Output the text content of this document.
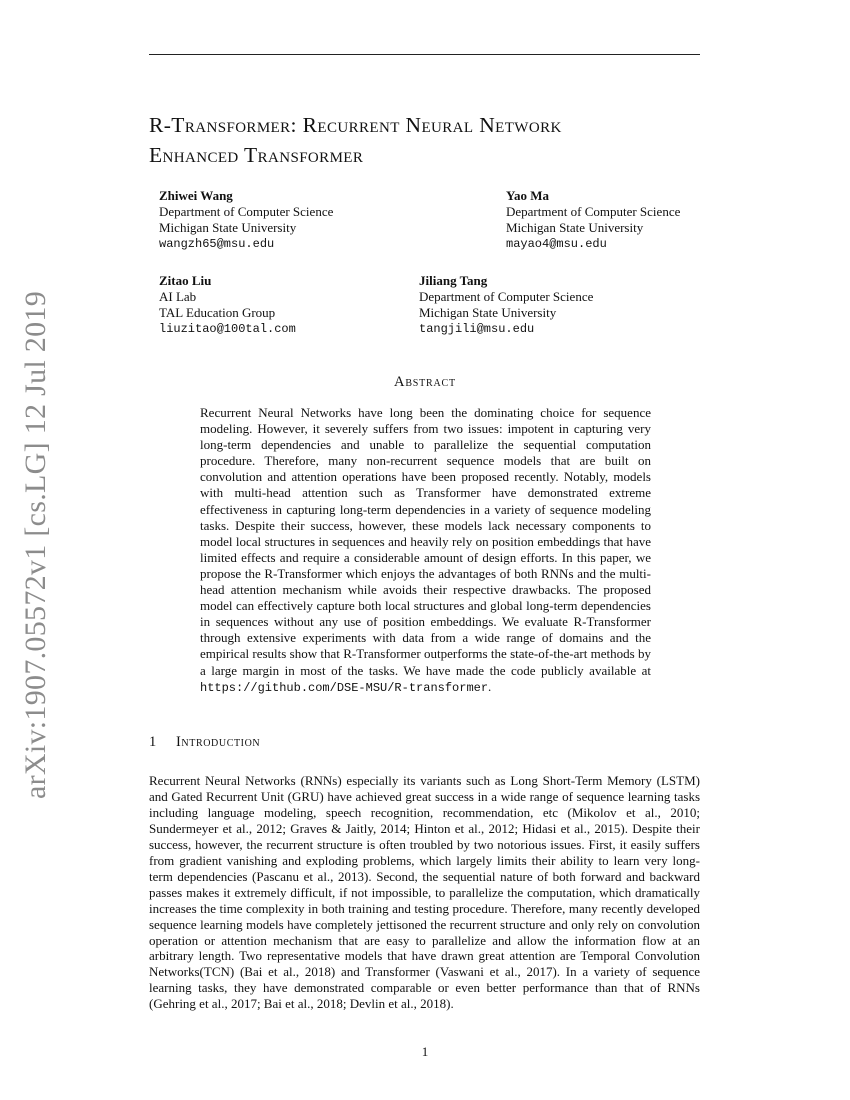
arXiv:1907.05572v1 [cs.LG] 12 Jul 2019
R-Transformer: Recurrent Neural Network
Enhanced Transformer
Zhiwei Wang
Department of Computer Science
Michigan State University
wangzh65@msu.edu
Yao Ma
Department of Computer Science
Michigan State University
mayao4@msu.edu
Zitao Liu
AI Lab
TAL Education Group
liuzitao@100tal.com
Jiliang Tang
Department of Computer Science
Michigan State University
tangjili@msu.edu
Abstract

Recurrent Neural Networks have long been the dominating choice for sequence modeling. However, it severely suffers from two issues: impotent in capturing very long-term dependencies and unable to parallelize the sequential computation procedure. Therefore, many non-recurrent sequence models that are built on convolution and attention operations have been proposed recently. Notably, models with multi-head attention such as Transformer have demonstrated extreme effectiveness in capturing long-term dependencies in a variety of sequence modeling tasks. Despite their success, however, these models lack necessary components to model local structures in sequences and heavily rely on position embeddings that have limited effects and require a considerable amount of design efforts. In this paper, we propose the R-Transformer which enjoys the advantages of both RNNs and the multi-head attention mechanism while avoids their respective drawbacks. The proposed model can effectively capture both local structures and global long-term dependencies in sequences without any use of position embeddings. We evaluate R-Transformer through extensive experiments with data from a wide range of domains and the empirical results show that R-Transformer outperforms the state-of-the-art methods by a large margin in most of the tasks. We have made the code publicly available at https://github.com/DSE-MSU/R-transformer.

1 Introduction

Recurrent Neural Networks (RNNs) especially its variants such as Long Short-Term Memory (LSTM) and Gated Recurrent Unit (GRU) have achieved great success in a wide range of sequence learning tasks including language modeling, speech recognition, recommendation, etc (Mikolov et al., 2010; Sundermeyer et al., 2012; Graves & Jaitly, 2014; Hinton et al., 2012; Hidasi et al., 2015). Despite their success, however, the recurrent structure is often troubled by two notorious issues. First, it easily suffers from gradient vanishing and exploding problems, which largely limits their ability to learn very long-term dependencies (Pascanu et al., 2013). Second, the sequential nature of both forward and backward passes makes it extremely difficult, if not impossible, to parallelize the computation, which dramatically increases the time complexity in both training and testing procedure. Therefore, many recently developed sequence learning models have completely jettisoned the recurrent structure and only rely on convolution operation or attention mechanism that are easy to parallelize and allow the information flow at an arbitrary length. Two representative models that have drawn great attention are Temporal Convolution Networks(TCN) (Bai et al., 2018) and Transformer (Vaswani et al., 2017). In a variety of sequence learning tasks, they have demonstrated comparable or even better performance than that of RNNs (Gehring et al., 2017; Bai et al., 2018; Devlin et al., 2018).

1
